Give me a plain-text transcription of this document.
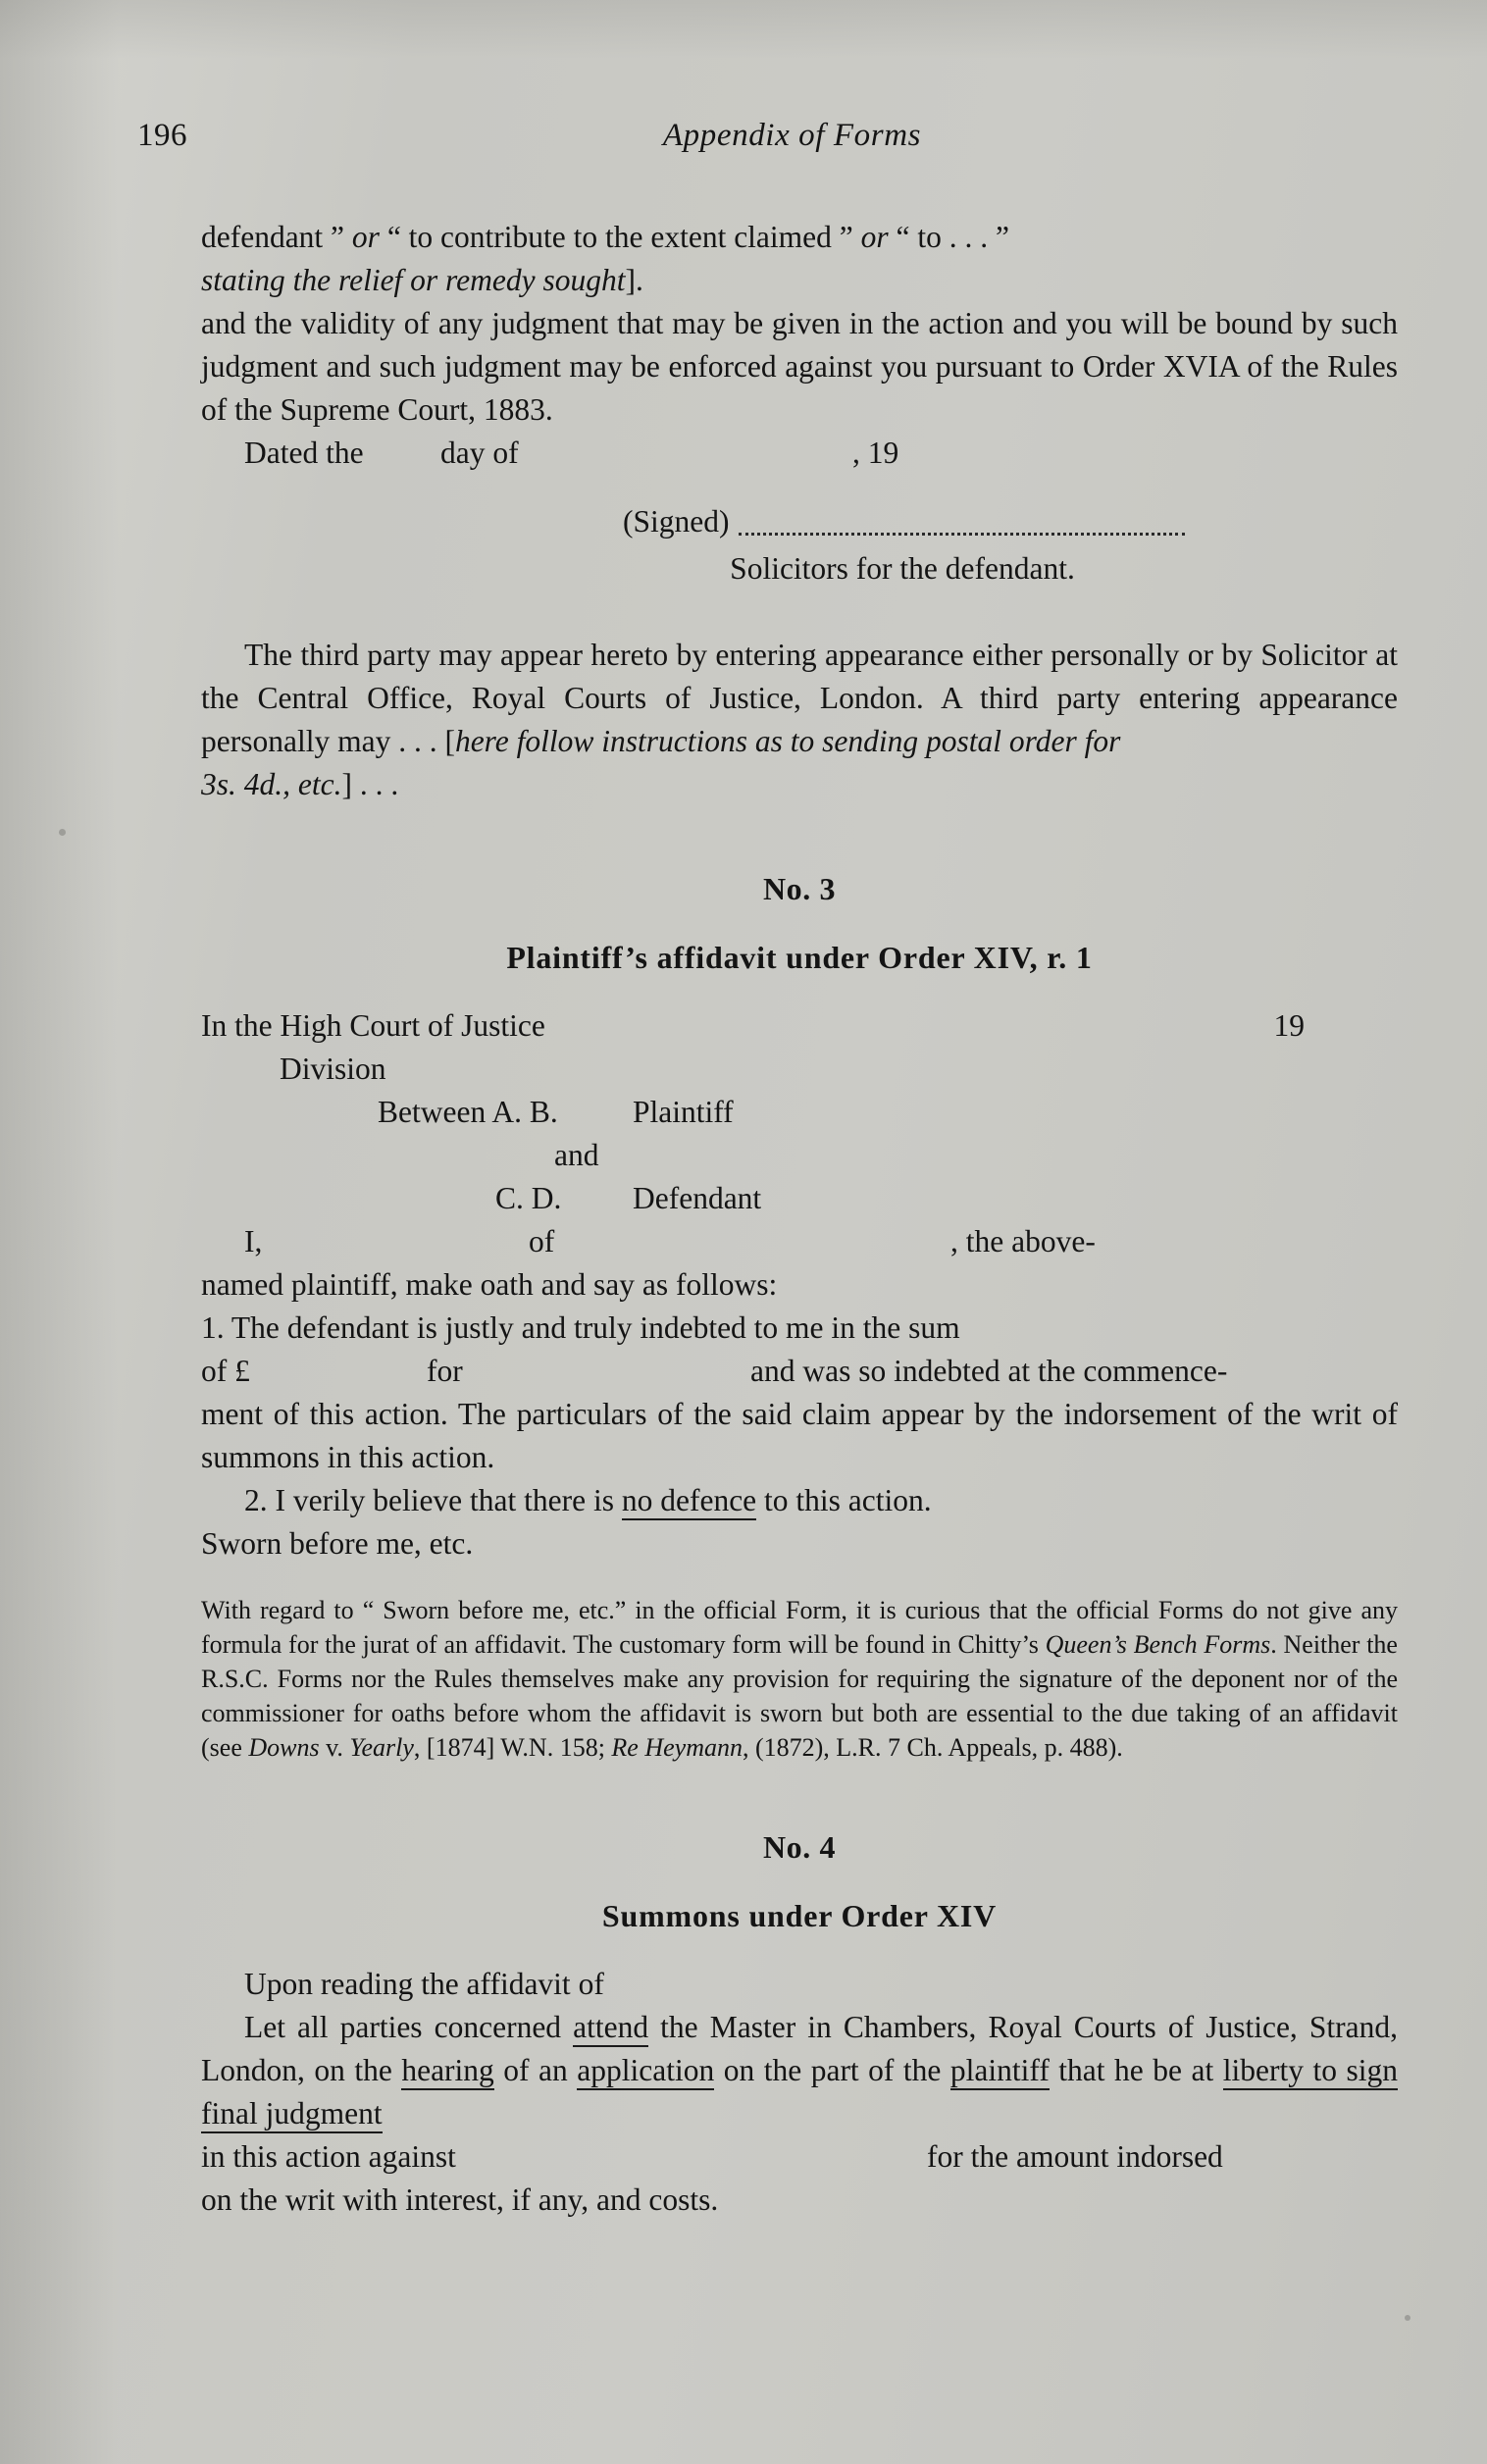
196	Appendix of Forms

defendant ” or “ to contribute to the extent claimed ” or “ to . . . ”

stating the relief or remedy sought].

and the validity of any judgment that may be given in the action and you will be bound by such judgment and such judgment may be enforced against you pursuant to Order XVIA of the Rules of the Supreme Court, 1883.

Dated the	day of	, 19
(Signed)
Solicitors for the defendant.

The third party may appear hereto by entering appearance either personally or by Solicitor at the Central Office, Royal Courts of Justice, London. A third party entering appearance personally may . . . [here follow instructions as to sending postal order for

3s. 4d., etc.] . . .

No. 3
Plaintiff’s affidavit under Order XIV, r. 1
In the High Court of Justice	19
Division
Between A. B.	Plaintiff
and
C. D.	Defendant
I,	of	, the above-

named plaintiff, make oath and say as follows:

1. The defendant is justly and truly indebted to me in the sum

of £	for	and was so indebted at the commence-

ment of this action. The particulars of the said claim appear by the indorsement of the writ of summons in this action.

2. I verily believe that there is no defence to this action.

Sworn before me, etc.

With regard to “ Sworn before me, etc.” in the official Form, it is curious that the official Forms do not give any formula for the jurat of an affidavit. The customary form will be found in Chitty’s Queen’s Bench Forms. Neither the R.S.C. Forms nor the Rules themselves make any provision for requiring the signature of the deponent nor of the commissioner for oaths before whom the affidavit is sworn but both are essential to the due taking of an affidavit (see Downs v. Yearly, [1874] W.N. 158; Re Heymann, (1872), L.R. 7 Ch. Appeals, p. 488).

No. 4
Summons under Order XIV

Upon reading the affidavit of

Let all parties concerned attend the Master in Chambers, Royal Courts of Justice, Strand, London, on the hearing of an application on the part of the plaintiff that he be at liberty to sign final judgment

in this action against	for the amount indorsed

on the writ with interest, if any, and costs.
